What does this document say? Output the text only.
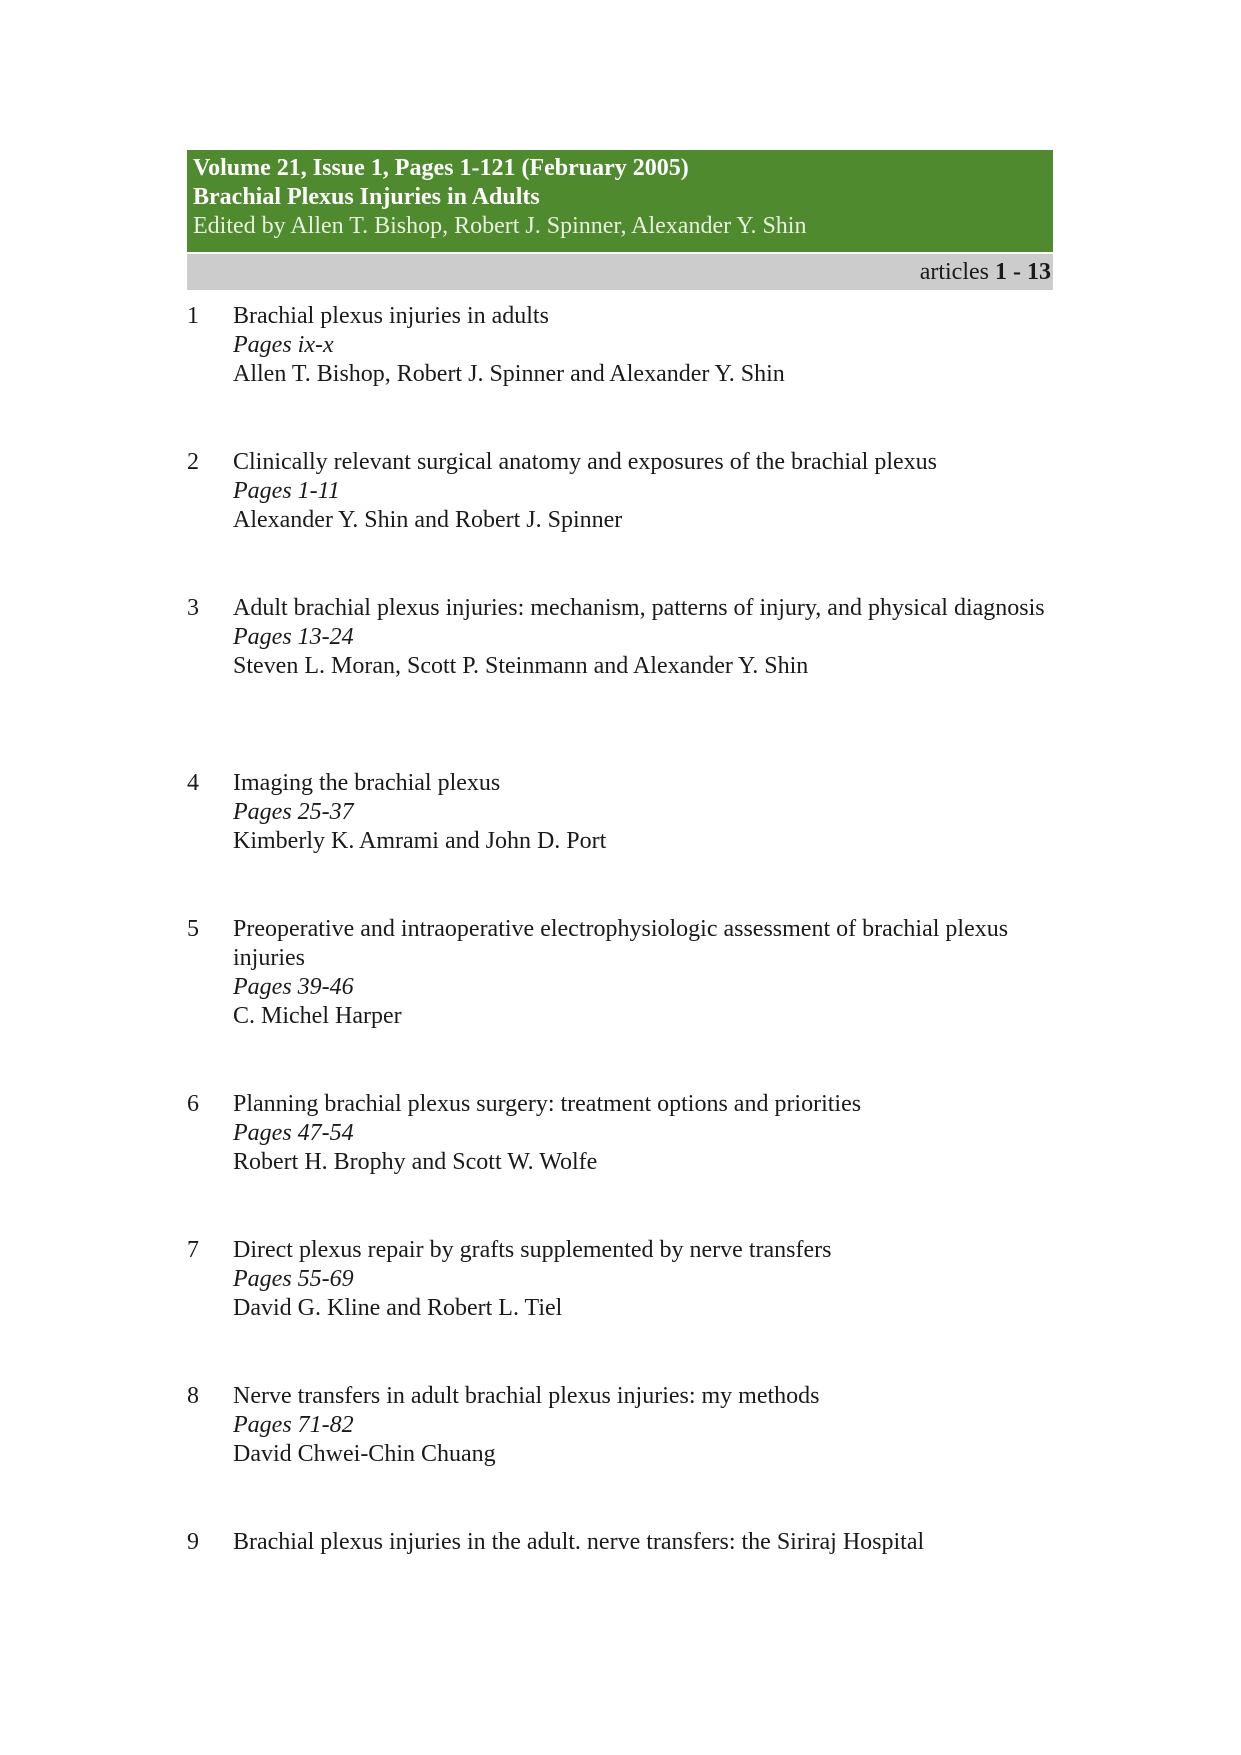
Volume 21, Issue 1, Pages 1-121 (February 2005)
Brachial Plexus Injuries in Adults
Edited by Allen T. Bishop, Robert J. Spinner, Alexander Y. Shin
articles 1 - 13
1	Brachial plexus injuries in adults
Pages ix-x
Allen T. Bishop, Robert J. Spinner and Alexander Y. Shin
2	Clinically relevant surgical anatomy and exposures of the brachial plexus
Pages 1-11
Alexander Y. Shin and Robert J. Spinner
3	Adult brachial plexus injuries: mechanism, patterns of injury, and physical diagnosis
Pages 13-24
Steven L. Moran, Scott P. Steinmann and Alexander Y. Shin
4	Imaging the brachial plexus
Pages 25-37
Kimberly K. Amrami and John D. Port
5	Preoperative and intraoperative electrophysiologic assessment of brachial plexus injuries
Pages 39-46
C. Michel Harper
6	Planning brachial plexus surgery: treatment options and priorities
Pages 47-54
Robert H. Brophy and Scott W. Wolfe
7	Direct plexus repair by grafts supplemented by nerve transfers
Pages 55-69
David G. Kline and Robert L. Tiel
8	Nerve transfers in adult brachial plexus injuries: my methods
Pages 71-82
David Chwei-Chin Chuang
9	Brachial plexus injuries in the adult. nerve transfers: the Siriraj Hospital
